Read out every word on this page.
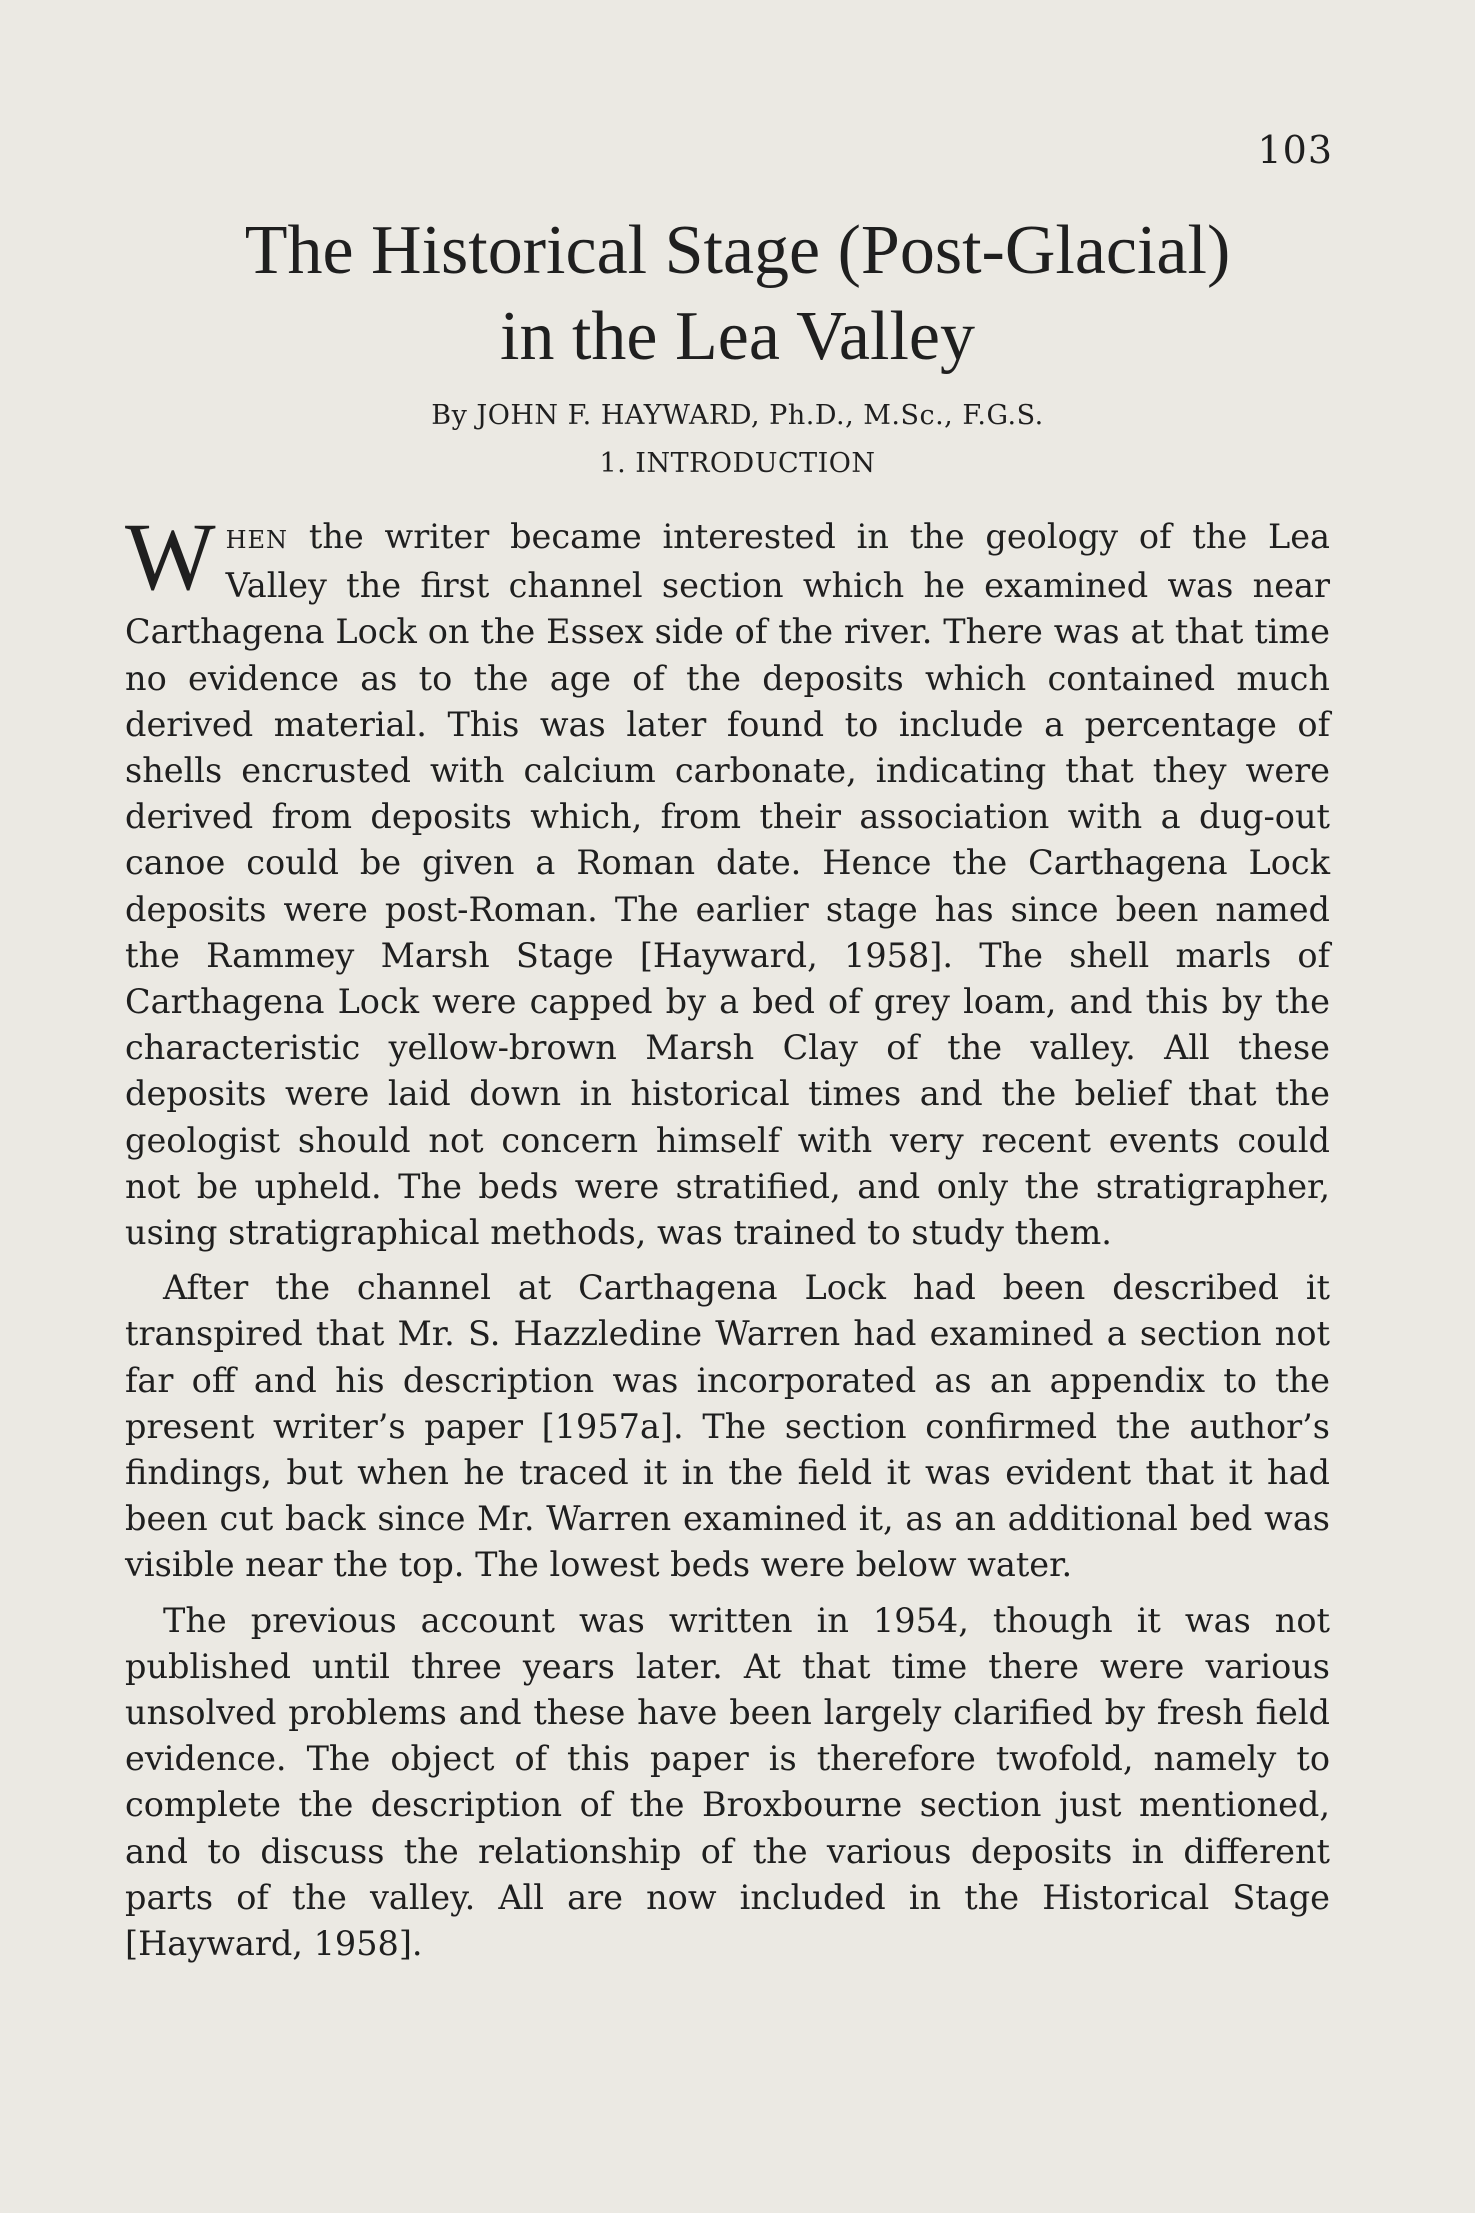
103
The Historical Stage (Post-Glacial)
in the Lea Valley
By JOHN F. HAYWARD, Ph.D., M.Sc., F.G.S.
1. INTRODUCTION

WHEN the writer became interested in the geology of the Lea Valley the first channel section which he examined was near Carthagena Lock on the Essex side of the river. There was at that time no evidence as to the age of the deposits which contained much derived material. This was later found to include a percentage of shells encrusted with calcium carbonate, indicating that they were derived from deposits which, from their association with a dug-out canoe could be given a Roman date. Hence the Carthagena Lock deposits were post-Roman. The earlier stage has since been named the Rammey Marsh Stage [Hayward, 1958]. The shell marls of Carthagena Lock were capped by a bed of grey loam, and this by the characteristic yellow-brown Marsh Clay of the valley. All these deposits were laid down in historical times and the belief that the geologist should not concern himself with very recent events could not be upheld. The beds were stratified, and only the stratigrapher, using stratigraphical methods, was trained to study them.

After the channel at Carthagena Lock had been described it transpired that Mr. S. Hazzledine Warren had examined a section not far off and his description was incorporated as an appendix to the present writer’s paper [1957a]. The section confirmed the author’s findings, but when he traced it in the field it was evident that it had been cut back since Mr. Warren examined it, as an additional bed was visible near the top. The lowest beds were below water.

The previous account was written in 1954, though it was not published until three years later. At that time there were various unsolved problems and these have been largely clarified by fresh field evidence. The object of this paper is therefore twofold, namely to complete the description of the Broxbourne section just mentioned, and to discuss the relationship of the various deposits in different parts of the valley. All are now included in the Historical Stage [Hayward, 1958].
